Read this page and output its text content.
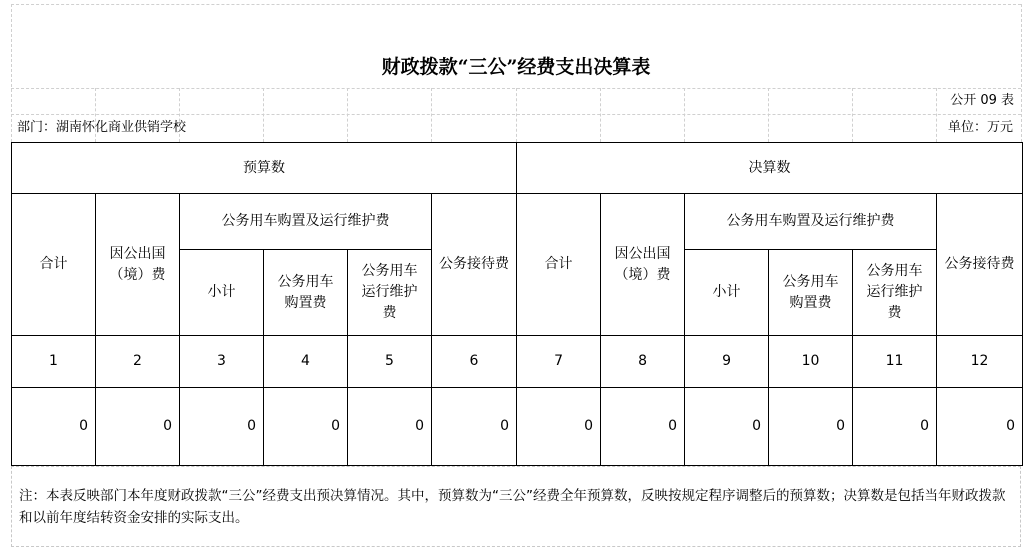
财政拨款“三公”经费支出决算表
公开 09 表
部门：湖南怀化商业供销学校	单位：万元
预算数						决算数					
合计	因公出国（境）费	公务用车购置及运行维护费			公务接待费	合计	因公出国（境）费	公务用车购置及运行维护费			公务接待费
		小计	公务用车购置费	公务用车运行维护费				小计	公务用车购置费	公务用车运行维护费	
1	2	3	4	5	6	7	8	9	10	11	12
0	0	0	0	0	0	0	0	0	0	0	0
注：本表反映部门本年度财政拨款“三公”经费支出预决算情况。其中，预算数为“三公”经费全年预算数，反映按规定程序调整后的预算数；决算数是包括当年财政拨款和以前年度结转资金安排的实际支出。
